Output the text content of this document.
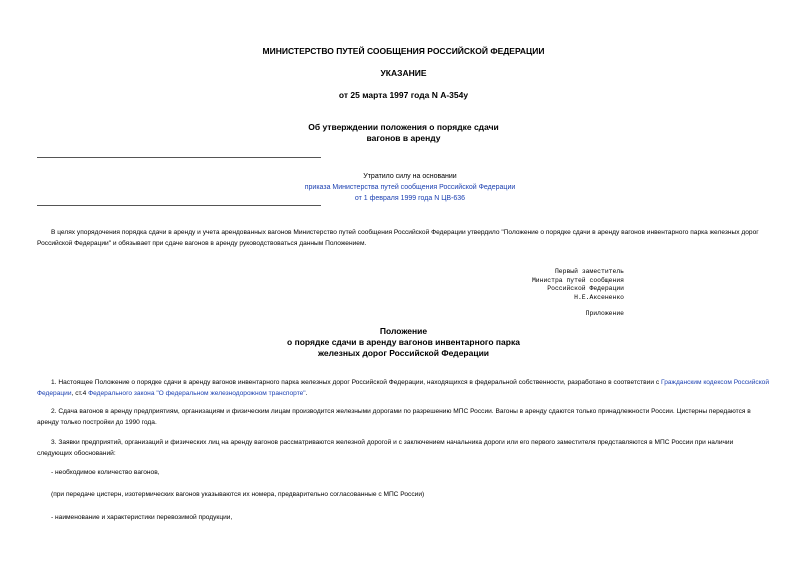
МИНИСТЕРСТВО ПУТЕЙ СООБЩЕНИЯ РОССИЙСКОЙ ФЕДЕРАЦИИ
УКАЗАНИЕ
от 25 марта 1997 года N А-354у
Об утверждении положения о порядке сдачи
вагонов в аренду
Утратило силу на основании
приказа Министерства путей сообщения Российской Федерации
от 1 февраля 1999 года N ЦВ-636
В целях упорядочения порядка сдачи в аренду и учета арендованных вагонов Министерство путей сообщения Российской Федерации утвердило "Положение о порядке сдачи в аренду вагонов инвентарного парка железных дорог Российской Федерации" и обязывает при сдаче вагонов в аренду руководствоваться данным Положением.
Первый заместитель
Министра путей сообщения
Российской Федерации
Н.Е.Аксененко
Приложение
Положение
о порядке сдачи в аренду вагонов инвентарного парка
железных дорог Российской Федерации
1. Настоящее Положение о порядке сдачи в аренду вагонов инвентарного парка железных дорог Российской Федерации, находящихся в федеральной собственности, разработано в соответствии с Гражданским кодексом Российской Федерации, ст.4 Федерального закона "О федеральном железнодорожном транспорте".
2. Сдача вагонов в аренду предприятиям, организациям и физическим лицам производится железными дорогами по разрешению МПС России. Вагоны в аренду сдаются только принадлежности России. Цистерны передаются в аренду только постройки до 1990 года.
3. Заявки предприятий, организаций и физических лиц на аренду вагонов рассматриваются железной дорогой и с заключением начальника дороги или его первого заместителя представляются в МПС России при наличии следующих обоснований:
- необходимое количество вагонов,
(при передаче цистерн, изотермических вагонов указываются их номера, предварительно согласованные с МПС России)
- наименование и характеристики перевозимой продукции,
